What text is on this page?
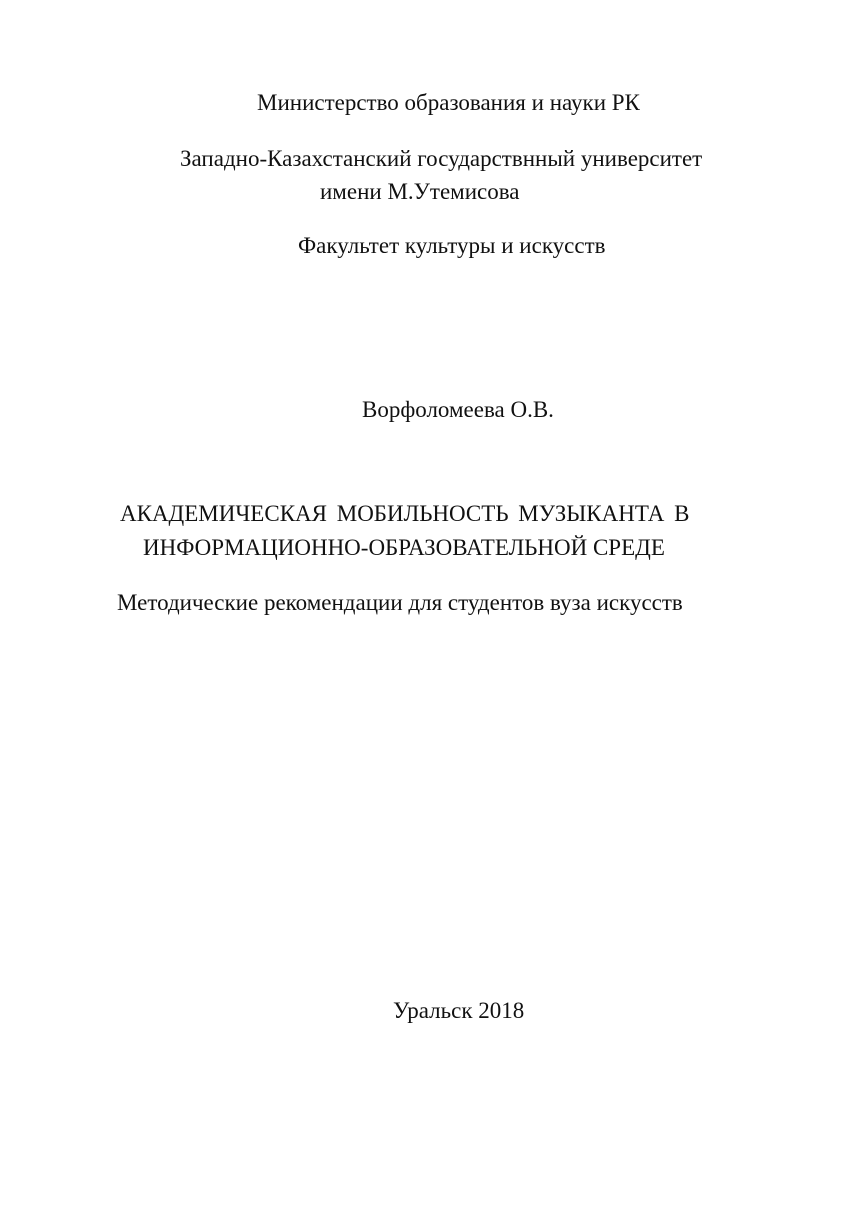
Министерство образования и науки РК
Западно-Казахстанский государствнный университет
имени М.Утемисова
Факультет культуры и искусств
Ворфоломеева О.В.
АКАДЕМИЧЕСКАЯ МОБИЛЬНОСТЬ МУЗЫКАНТА В
ИНФОРМАЦИОННО-ОБРАЗОВАТЕЛЬНОЙ СРЕДЕ
Методические рекомендации для студентов вуза искусств
Уральск 2018
